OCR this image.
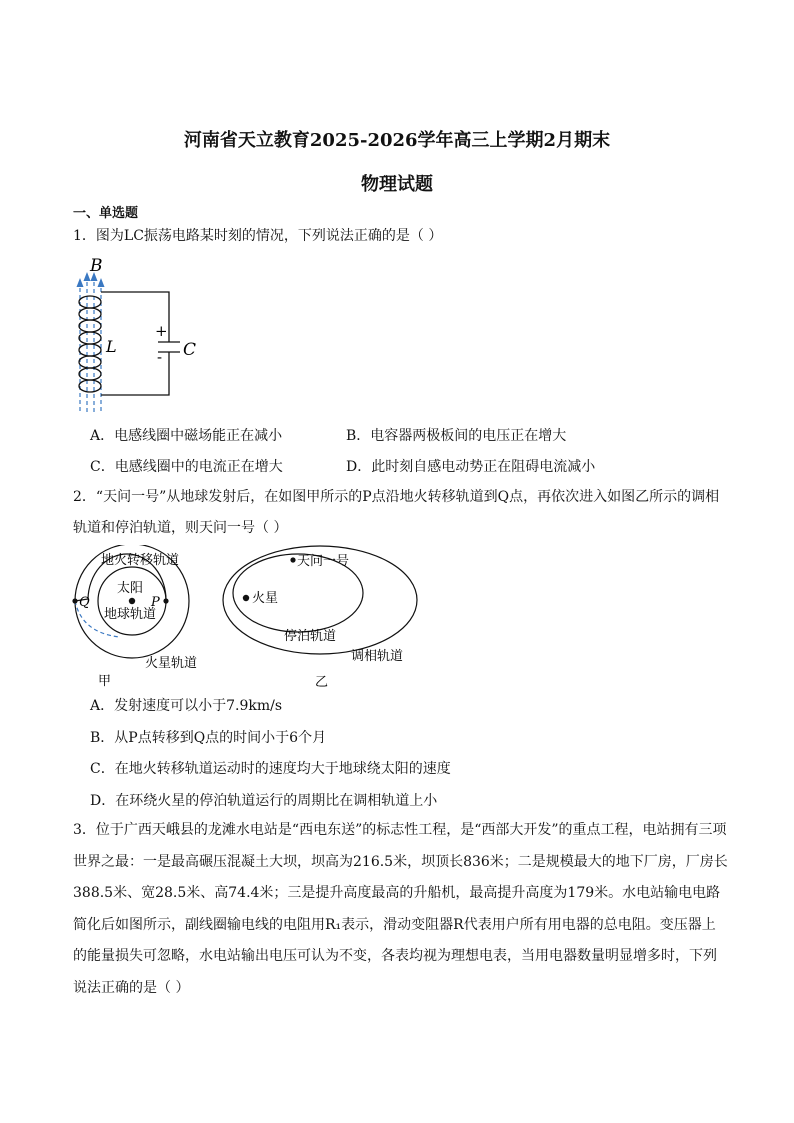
河南省天立教育2025-2026学年高三上学期2月期末
物理试题
一、单选题
1．图为LC振荡电路某时刻的情况，下列说法正确的是（ ）
B
L
+
- C
A．电感线圈中磁场能正在减小	B．电容器两极板间的电压正在增大
C．电感线圈中的电流正在增大	D．此时刻自感电动势正在阻碍电流减小
2．“天问一号”从地球发射后，在如图甲所示的P点沿地火转移轨道到Q点，再依次进入如图乙所示的调相
轨道和停泊轨道，则天问一号（ ）
地火转移轨道
太阳
P
Q
地球轨道
火星轨道
甲
天问一号
火星
停泊轨道
调相轨道
乙
A．发射速度可以小于7.9km/s
B．从P点转移到Q点的时间小于6个月
C．在地火转移轨道运动时的速度均大于地球绕太阳的速度
D．在环绕火星的停泊轨道运行的周期比在调相轨道上小
3．位于广西天峨县的龙滩水电站是“西电东送”的标志性工程，是“西部大开发”的重点工程，电站拥有三项
世界之最：一是最高碾压混凝土大坝，坝高为216.5米，坝顶长836米；二是规模最大的地下厂房，厂房长
388.5米、宽28.5米、高74.4米；三是提升高度最高的升船机，最高提升高度为179米。水电站输电电路
简化后如图所示，副线圈输电线的电阻用R₁表示，滑动变阻器R代表用户所有用电器的总电阻。变压器上
的能量损失可忽略，水电站输出电压可认为不变，各表均视为理想电表，当用电器数量明显增多时，下列
说法正确的是（ ）
